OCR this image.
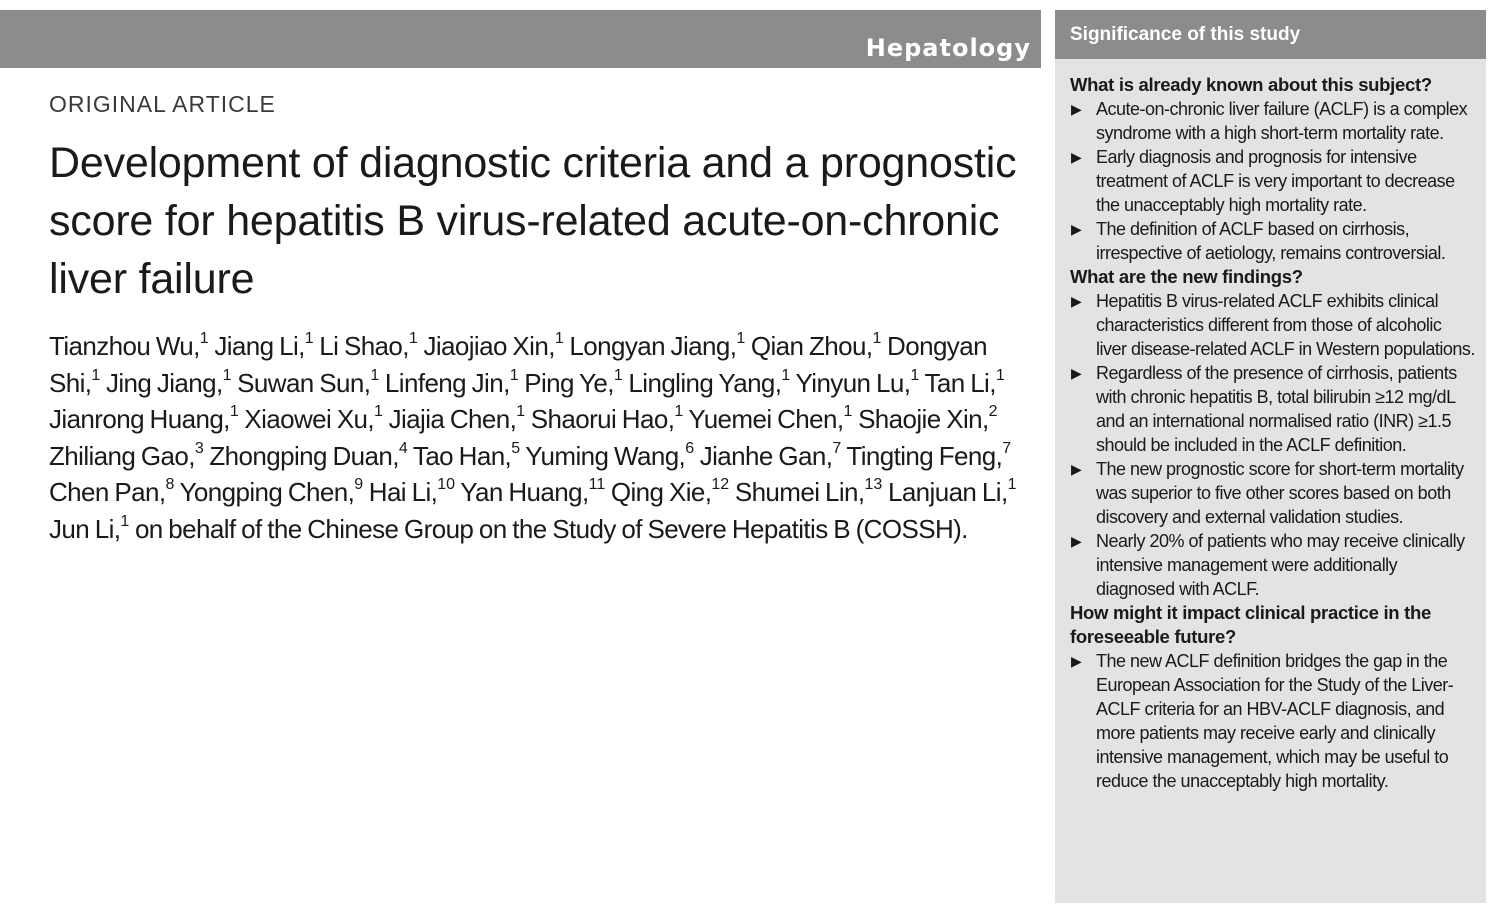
Hepatology
ORIGINAL ARTICLE
Development of diagnostic criteria and a prognostic score for hepatitis B virus-related acute-on-chronic liver failure
Tianzhou Wu,$^1$ Jiang Li,$^1$ Li Shao,$^1$ Jiaojiao Xin,$^1$ Longyan Jiang,$^1$ Qian Zhou,$^1$ Dongyan Shi,$^1$ Jing Jiang,$^1$ Suwan Sun,$^1$ Linfeng Jin,$^1$ Ping Ye,$^1$ Lingling Yang,$^1$ Yinyun Lu,$^1$ Tan Li,$^1$ Jianrong Huang,$^1$ Xiaowei Xu,$^1$ Jiajia Chen,$^1$ Shaorui Hao,$^1$ Yuemei Chen,$^1$ Shaojie Xin,$^2$ Zhiliang Gao,$^3$ Zhongping Duan,$^4$ Tao Han,$^5$ Yuming Wang,$^6$ Jianhe Gan,$^7$ Tingting Feng,$^7$ Chen Pan,$^8$ Yongping Chen,$^9$ Hai Li,$^{10}$ Yan Huang,$^{11}$ Qing Xie,$^{12}$ Shumei Lin,$^{13}$ Lanjuan Li,$^1$ Jun Li,$^1$ on behalf of the Chinese Group on the Study of Severe Hepatitis B (COSSH).
Significance of this study

What is already known about this subject?

▶ Acute-on-chronic liver failure (ACLF) is a complex syndrome with a high short-term mortality rate.
▶ Early diagnosis and prognosis for intensive treatment of ACLF is very important to decrease the unacceptably high mortality rate.
▶ The definition of ACLF based on cirrhosis, irrespective of aetiology, remains controversial.

What are the new findings?

▶ Hepatitis B virus-related ACLF exhibits clinical characteristics different from those of alcoholic liver disease-related ACLF in Western populations.
▶ Regardless of the presence of cirrhosis, patients with chronic hepatitis B, total bilirubin ≥12 mg/dL and an international normalised ratio (INR) ≥1.5 should be included in the ACLF definition.
▶ The new prognostic score for short-term mortality was superior to five other scores based on both discovery and external validation studies.
▶ Nearly 20% of patients who may receive clinically intensive management were additionally diagnosed with ACLF.

How might it impact clinical practice in the foreseeable future?

▶ The new ACLF definition bridges the gap in the European Association for the Study of the Liver-ACLF criteria for an HBV-ACLF diagnosis, and more patients may receive early and clinically intensive management, which may be useful to reduce the unacceptably high mortality.
